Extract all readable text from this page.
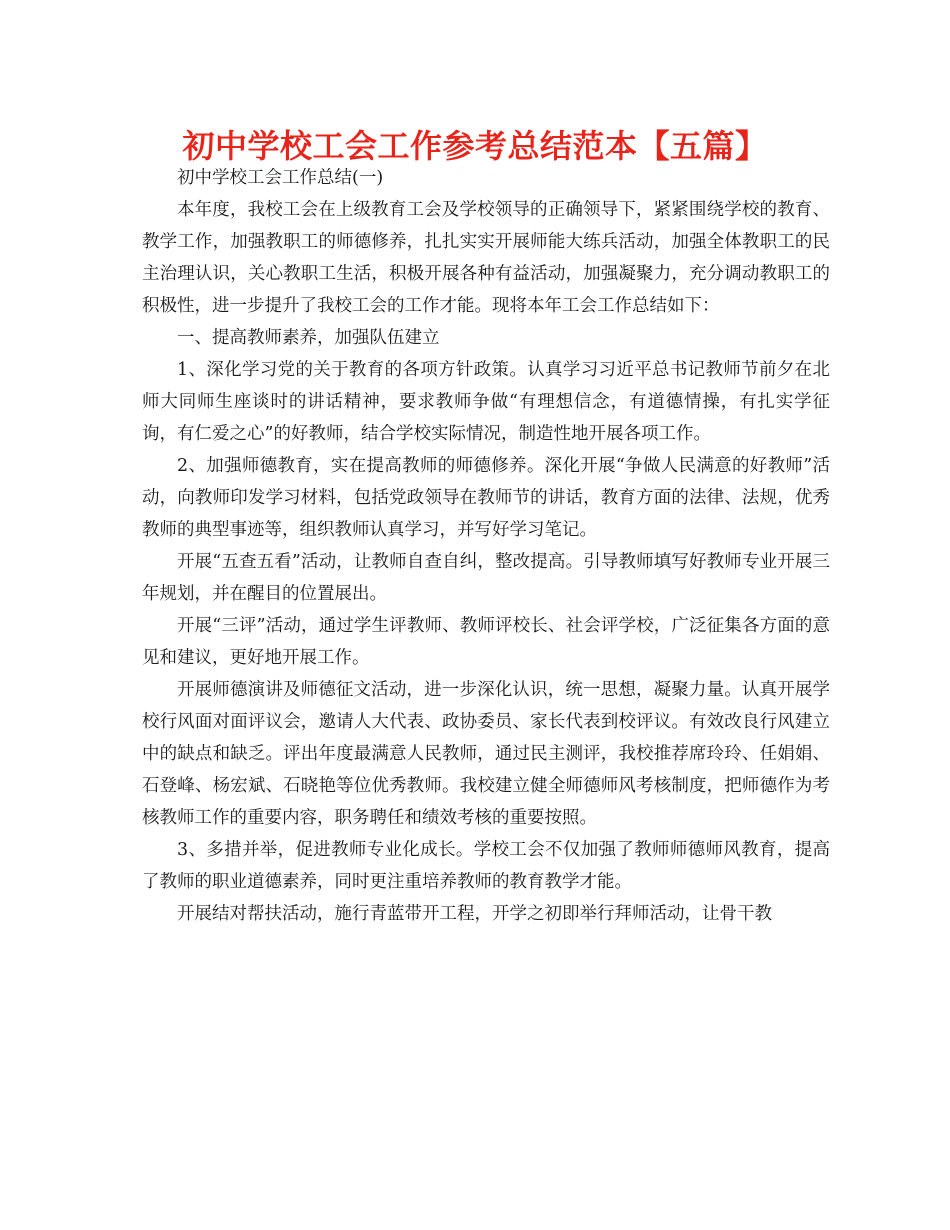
初中学校工会工作参考总结范本【五篇】

初中学校工会工作总结(一)

本年度，我校工会在上级教育工会及学校领导的正确领导下，紧紧围绕学校的教育、教学工作，加强教职工的师德修养，扎扎实实开展师能大练兵活动，加强全体教职工的民主治理认识，关心教职工生活，积极开展各种有益活动，加强凝聚力，充分调动教职工的积极性，进一步提升了我校工会的工作才能。现将本年工会工作总结如下：

一、提高教师素养，加强队伍建立

1、深化学习党的关于教育的各项方针政策。认真学习习近平总书记教师节前夕在北师大同师生座谈时的讲话精神，要求教师争做“有理想信念，有道德情操，有扎实学征询，有仁爱之心”的好教师，结合学校实际情况，制造性地开展各项工作。

2、加强师德教育，实在提高教师的师德修养。深化开展“争做人民满意的好教师”活动，向教师印发学习材料，包括党政领导在教师节的讲话，教育方面的法律、法规，优秀教师的典型事迹等，组织教师认真学习，并写好学习笔记。

开展“五查五看”活动，让教师自查自纠，整改提高。引导教师填写好教师专业开展三年规划，并在醒目的位置展出。

开展“三评”活动，通过学生评教师、教师评校长、社会评学校，广泛征集各方面的意见和建议，更好地开展工作。

开展师德演讲及师德征文活动，进一步深化认识，统一思想，凝聚力量。认真开展学校行风面对面评议会，邀请人大代表、政协委员、家长代表到校评议。有效改良行风建立中的缺点和缺乏。评出年度最满意人民教师，通过民主测评，我校推荐席玲玲、任娟娟、石登峰、杨宏斌、石晓艳等位优秀教师。我校建立健全师德师风考核制度，把师德作为考核教师工作的重要内容，职务聘任和绩效考核的重要按照。

3、多措并举，促进教师专业化成长。学校工会不仅加强了教师师德师风教育，提高了教师的职业道德素养，同时更注重培养教师的教育教学才能。

开展结对帮扶活动，施行青蓝带开工程，开学之初即举行拜师活动，让骨干教
